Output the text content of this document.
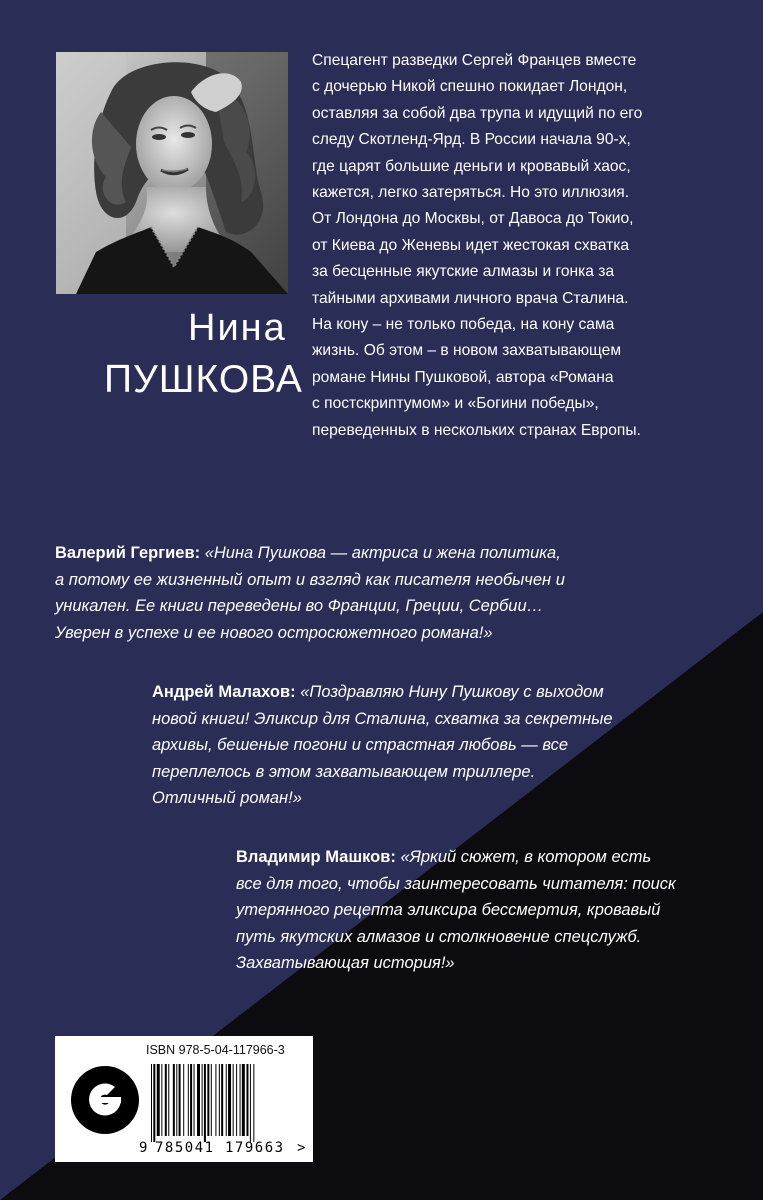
Нина
ПУШКОВА
Спецагент разведки Сергей Францев вместе
с дочерью Никой спешно покидает Лондон,
оставляя за собой два трупа и идущий по его
следу Скотленд-Ярд. В России начала 90-х,
где царят большие деньги и кровавый хаос,
кажется, легко затеряться. Но это иллюзия.
От Лондона до Москвы, от Давоса до Токио,
от Киева до Женевы идет жестокая схватка
за бесценные якутские алмазы и гонка за
тайными архивами личного врача Сталина.
На кону – не только победа, на кону сама
жизнь. Об этом – в новом захватывающем
романе Нины Пушковой, автора «Романа
с постскриптумом» и «Богини победы»,
переведенных в нескольких странах Европы.
Валерий Гергиев: «Нина Пушкова — актриса и жена политика,
а потому ее жизненный опыт и взгляд как писателя необычен и
уникален. Ее книги переведены во Франции, Греции, Сербии…
Уверен в успехе и ее нового остросюжетного романа!»
Андрей Малахов: «Поздравляю Нину Пушкову с выходом
новой книги! Эликсир для Сталина, схватка за секретные
архивы, бешеные погони и страстная любовь — все
переплелось в этом захватывающем триллере.
Отличный роман!»
Владимир Машков: «Яркий сюжет, в котором есть
все для того, чтобы заинтересовать читателя: поиск
утерянного рецепта эликсира бессмертия, кровавый
путь якутских алмазов и столкновение спецслужб.
Захватывающая история!»
ISBN 978-5-04-117966-3
9 785041 179663 >
